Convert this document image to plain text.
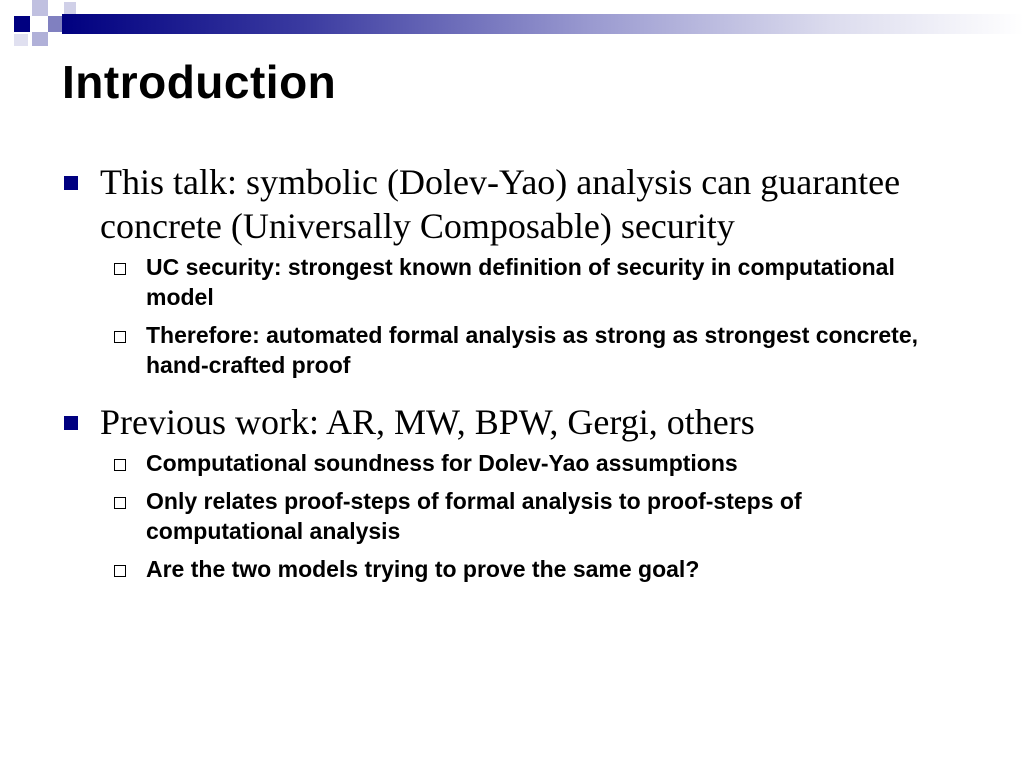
Introduction
This talk: symbolic (Dolev-Yao) analysis can guarantee concrete (Universally Composable) security
UC security: strongest known definition of security in computational model
Therefore: automated formal analysis as strong as strongest concrete, hand-crafted proof
Previous work: AR, MW, BPW, Gergi, others
Computational soundness for Dolev-Yao assumptions
Only relates proof-steps of formal analysis to proof-steps of computational analysis
Are the two models trying to prove the same goal?
